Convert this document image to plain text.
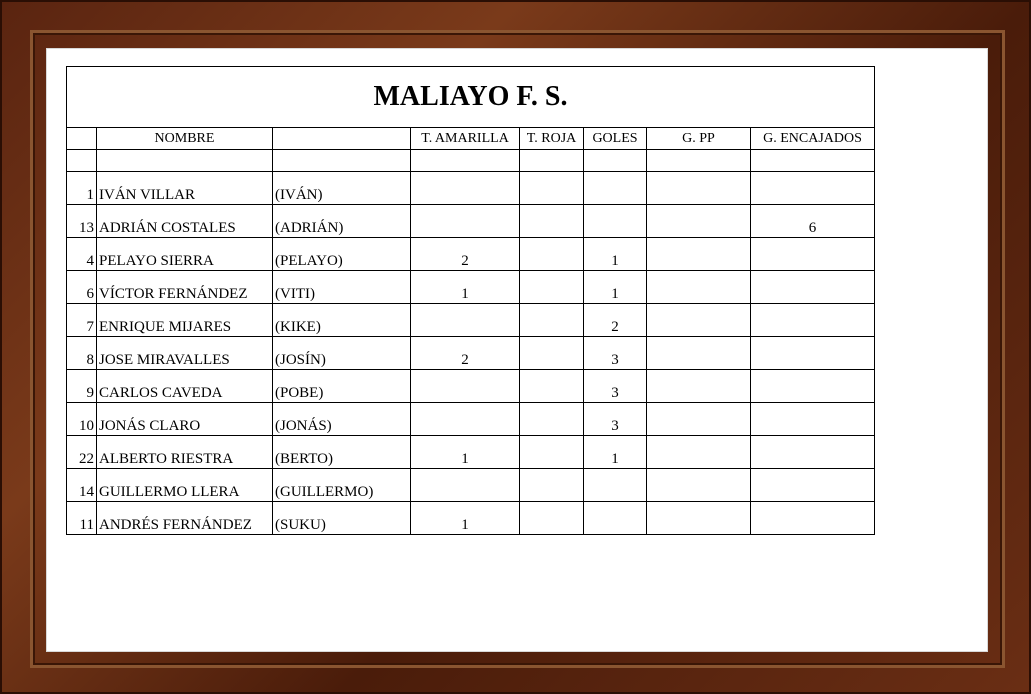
MALIAYO F. S.							
	NOMBRE		T. AMARILLA	T. ROJA	GOLES	G. PP	G. ENCAJADOS

1	IVÁN VILLAR	(IVÁN)					
13	ADRIÁN COSTALES	(ADRIÁN)					6
4	PELAYO SIERRA	(PELAYO)	2		1		
6	VÍCTOR FERNÁNDEZ	(VITI)	1		1		
7	ENRIQUE MIJARES	(KIKE)			2		
8	JOSE MIRAVALLES	(JOSÍN)	2		3		
9	CARLOS CAVEDA	(POBE)			3		
10	JONÁS CLARO	(JONÁS)			3		
22	ALBERTO RIESTRA	(BERTO)	1		1		
14	GUILLERMO LLERA	(GUILLERMO)					
11	ANDRÉS FERNÁNDEZ	(SUKU)	1				
